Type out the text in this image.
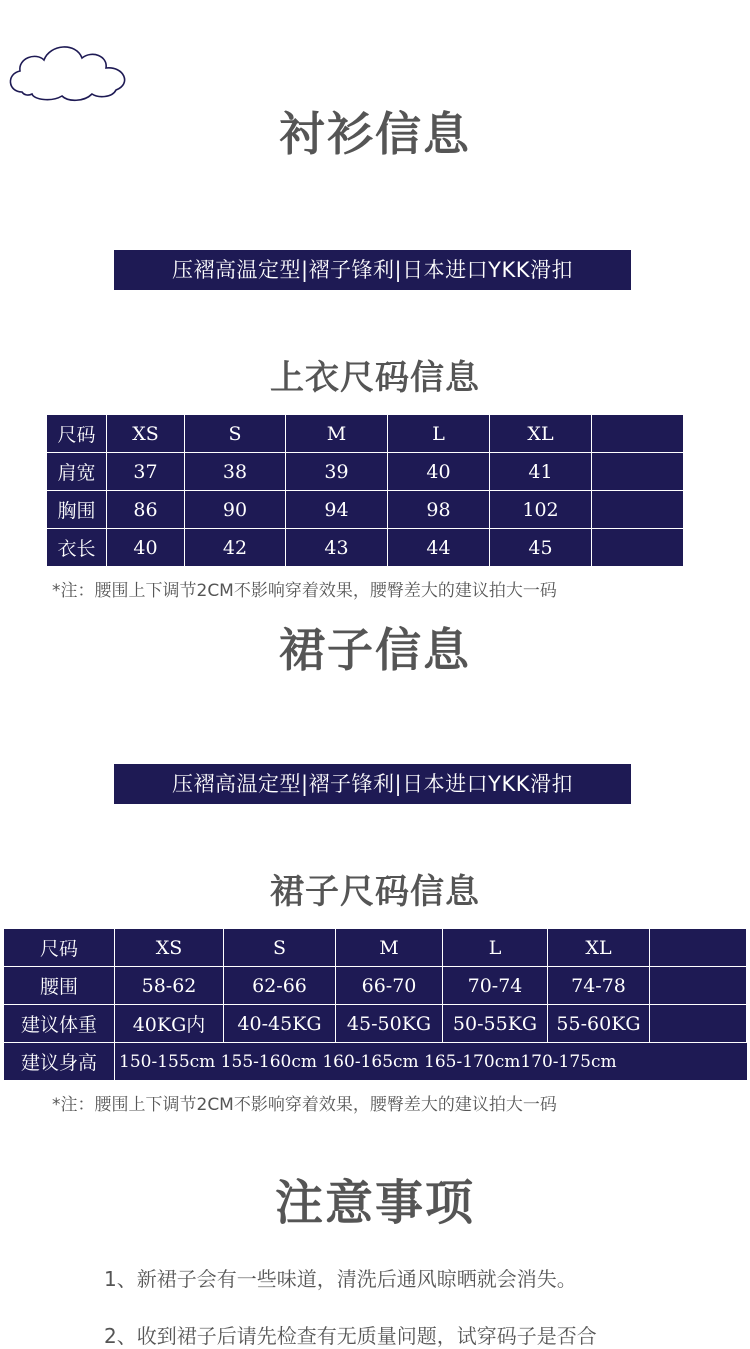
衬衫信息
压褶高温定型|褶子锋利|日本进口YKK滑扣
上衣尺码信息
尺码	XS	S	M	L	XL	
肩宽	37	38	39	40	41	
胸围	86	90	94	98	102	
衣长	40	42	43	44	45	
*注：腰围上下调节2CM不影响穿着效果，腰臀差大的建议拍大一码
裙子信息
压褶高温定型|褶子锋利|日本进口YKK滑扣
裙子尺码信息
尺码	XS	S	M	L	XL	
腰围	58-62	62-66	66-70	70-74	74-78	
建议体重	40KG内	40-45KG	45-50KG	50-55KG	55-60KG	
建议身高	150-155cm 155-160cm 160-165cm 165-170cm170-175cm					
*注：腰围上下调节2CM不影响穿着效果，腰臀差大的建议拍大一码
注意事项
1、新裙子会有一些味道，清洗后通风晾晒就会消失。
2、收到裙子后请先检查有无质量问题，试穿码子是否合
